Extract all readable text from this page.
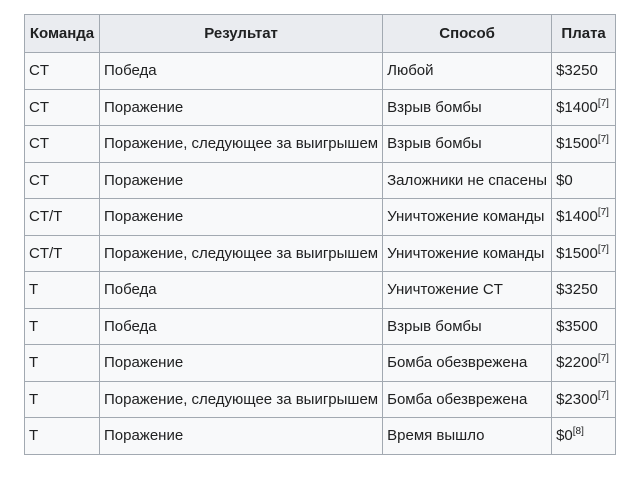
Команда	Результат	Способ	Плата
CT	Победа	Любой	$3250
CT	Поражение	Взрыв бомбы	$1400[7]
CT	Поражение, следующее за выигрышем	Взрыв бомбы	$1500[7]
CT	Поражение	Заложники не спасены	$0
CT/T	Поражение	Уничтожение команды	$1400[7]
CT/T	Поражение, следующее за выигрышем	Уничтожение команды	$1500[7]
T	Победа	Уничтожение CT	$3250
T	Победа	Взрыв бомбы	$3500
T	Поражение	Бомба обезврежена	$2200[7]
T	Поражение, следующее за выигрышем	Бомба обезврежена	$2300[7]
T	Поражение	Время вышло	$0[8]
